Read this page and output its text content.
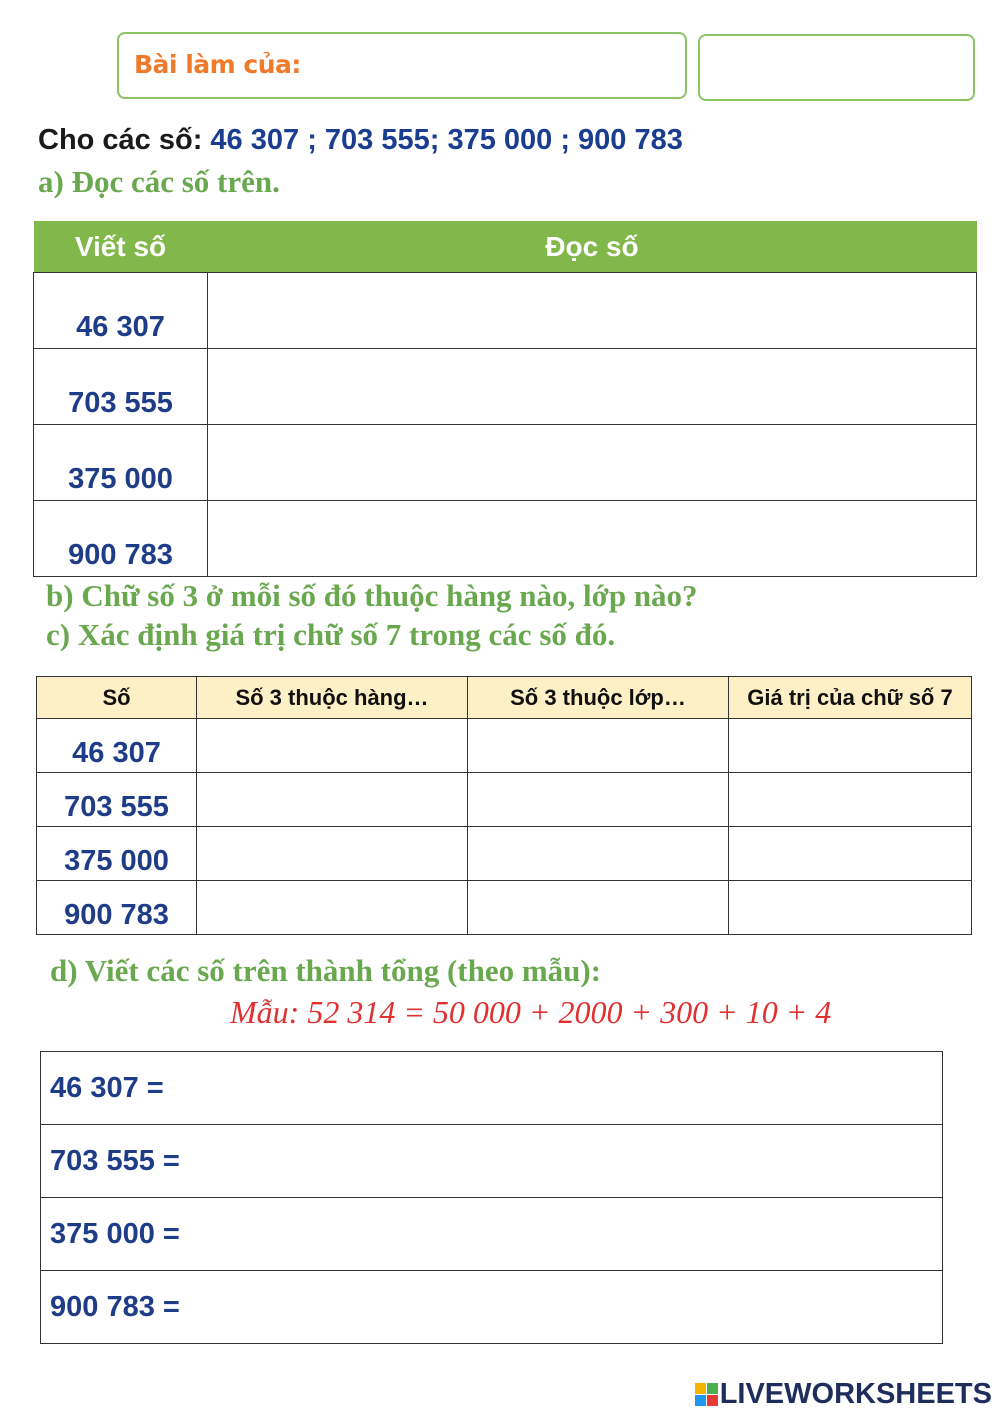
Bài làm của:
Cho các số: 46 307 ; 703 555; 375 000 ; 900 783
a) Đọc các số trên.
Viết số	Đọc số
46 307	
703 555	
375 000	
900 783	
b) Chữ số 3 ở mỗi số đó thuộc hàng nào, lớp nào?
c) Xác định giá trị chữ số 7 trong các số đó.
Số	Số 3 thuộc hàng…	Số 3 thuộc lớp…	Giá trị của chữ số 7
46 307			
703 555			
375 000			
900 783			
d) Viết các số trên thành tổng (theo mẫu):
Mẫu: 52 314 = 50 000 + 2000 + 300 + 10 + 4
46 307 =
703 555 =
375 000 =
900 783 =
LIVEWORKSHEETS
